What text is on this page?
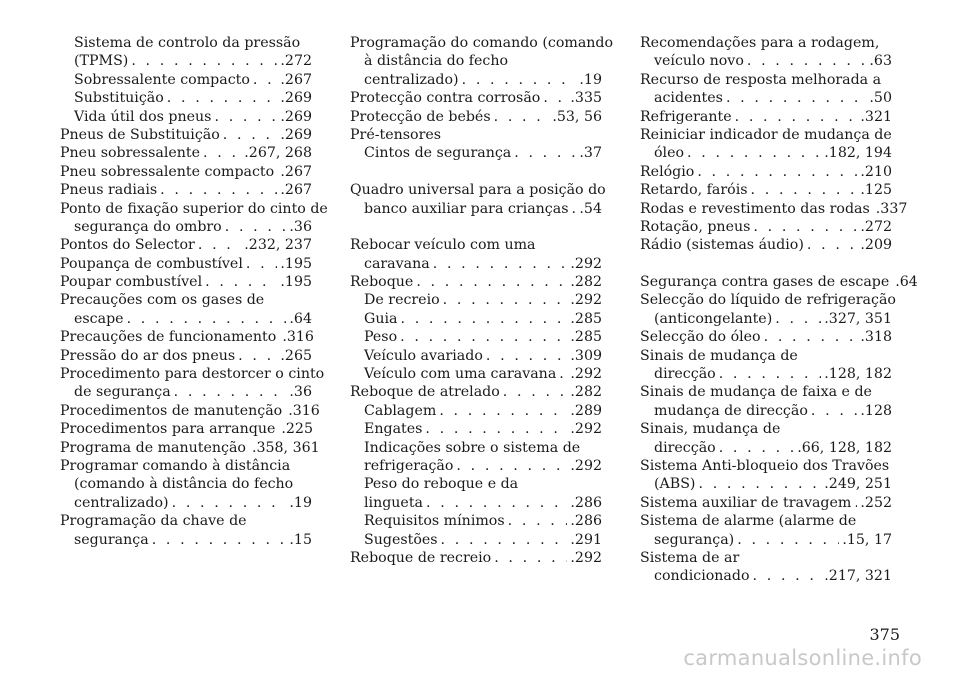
Sistema de controlo da pressão
(TPMS) . . .	.272
Sobressalente compacto . . . .267
Substituição . . .	.269
Vida útil dos pneus . . .	.269
Pneus de Substituição . . .	.269
Pneu sobressalente . . .	.267, 268
Pneu sobressalente compacto . . . .267
Pneus radiais . . .	.267
Ponto de fixação superior do cinto de
segurança do ombro . . .	.36
Pontos do Selector . . .	.232, 237
Poupança de combustível . . .	.195
Poupar combustível . . .	.195
Precauções com os gases de
escape . . .	.64
Precauções de funcionamento .316
Pressão do ar dos pneus . . .	.265
Procedimento para destorcer o cinto
de segurança . . .	.36
Procedimentos de manutenção .316
Procedimentos para arranque .225
Programa de manutenção .358, 361
Programar comando à distância
(comando à distância do fecho
centralizado) . . .	.19
Programação da chave de
segurança . . .	.15
Programação do comando (comando
à distância do fecho
centralizado) . . .	.19
Protecção contra corrosão . . . .335
Protecção de bebés . . .	.53, 56
Pré-tensores
Cintos de segurança . . .	.37
Quadro universal para a posição do
banco auxiliar para crianças . . . .54
Rebocar veículo com uma
caravana . . .	.292
Reboque . . .	.282
De recreio . . .	.292
Guia . . .	.285
Peso . . .	.285
Veículo avariado . . .	.309
Veículo com uma caravana . . . .292
Reboque de atrelado . . .	.282
Cablagem . . .	.289
Engates . . .	.292
Indicações sobre o sistema de
refrigeração . . .	.292
Peso do reboque e da
lingueta . . .	.286
Requisitos mínimos . . .	.286
Sugestões . . .	.291
Reboque de recreio . . .	.292
Recomendações para a rodagem,
veículo novo . . .	.63
Recurso de resposta melhorada a
acidentes . . .	.50
Refrigerante . . .	.321
Reiniciar indicador de mudança de
óleo . . .	.182, 194
Relógio . . .	.210
Retardo, faróis . . .	.125
Rodas e revestimento das rodas .337
Rotação, pneus . . .	.272
Rádio (sistemas áudio) . . .	.209
Segurança contra gases de escape .64
Selecção do líquido de refrigeração
(anticongelante) . . .	.327, 351
Selecção do óleo . . .	.318
Sinais de mudança de
direcção . . .	.128, 182
Sinais de mudança de faixa e de
mudança de direcção . . .	.128
Sinais, mudança de
direcção . . .	.66, 128, 182
Sistema Anti-bloqueio dos Travões
(ABS) . . .	.249, 251
Sistema auxiliar de travagem . . . .252
Sistema de alarme (alarme de
segurança) . . .	.15, 17
Sistema de ar
condicionado . . .	.217, 321
375
carmanualsonline.info
